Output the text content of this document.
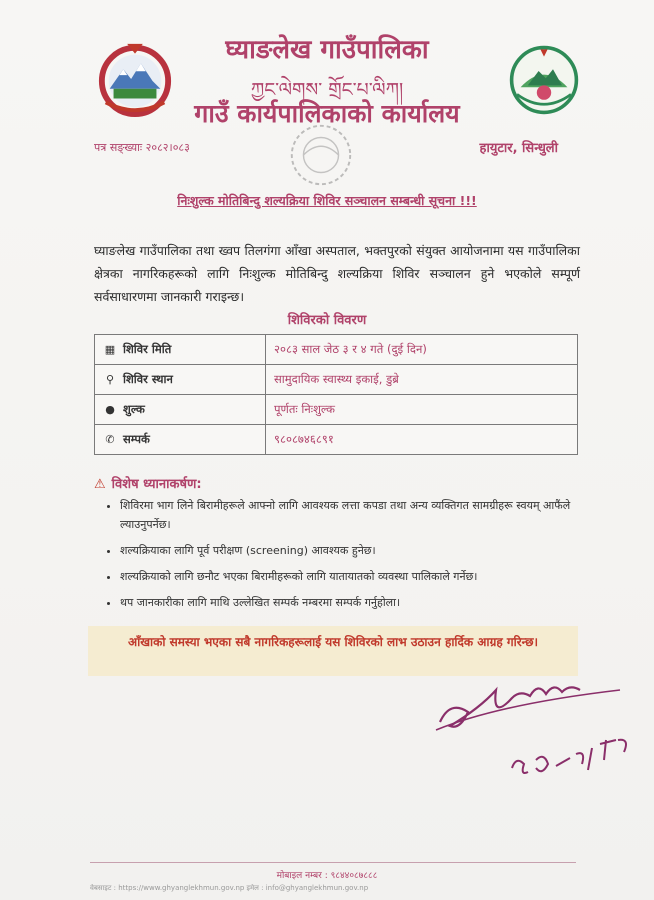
घ्याङलेख गाउँपालिका
ཀྱང་ལེགས་ གྲོང་པ་ལིཀ།
गाउँ कार्यपालिकाको कार्यालय
पत्र सङ्ख्याः २०८२।०८३	हायुटार, सिन्धुली
निःशुल्क मोतिबिन्दु शल्यक्रिया शिविर सञ्चालन सम्बन्धी सूचना !!!

घ्याङलेख गाउँपालिका तथा ख्वप तिलगंगा आँखा अस्पताल, भक्तपुरको संयुक्त आयोजनामा यस गाउँपालिका क्षेत्रका नागरिकहरूको लागि निःशुल्क मोतिबिन्दु शल्यक्रिया शिविर सञ्चालन हुने भएकोले सम्पूर्ण सर्वसाधारणमा जानकारी गराइन्छ।

शिविरको विवरण
▦ शिविर मिति	२०८३ साल जेठ ३ र ४ गते (दुई दिन)
⚲ शिविर स्थान	सामुदायिक स्वास्थ्य इकाई, डुब्रे
● शुल्क	पूर्णतः निःशुल्क
✆ सम्पर्क	९८०८७४६८९१
⚠ विशेष ध्यानाकर्षण:
• शिविरमा भाग लिने बिरामीहरूले आफ्नो लागि आवश्यक लत्ता कपडा तथा अन्य व्यक्तिगत सामग्रीहरू स्वयम् आफैंले ल्याउनुपर्नेछ।
• शल्यक्रियाका लागि पूर्व परीक्षण (screening) आवश्यक हुनेछ।
• शल्यक्रियाको लागि छनौट भएका बिरामीहरूको लागि यातायातको व्यवस्था पालिकाले गर्नेछ।
• थप जानकारीका लागि माथि उल्लेखित सम्पर्क नम्बरमा सम्पर्क गर्नुहोला।
आँखाको समस्या भएका सबै नागरिकहरूलाई यस शिविरको लाभ उठाउन हार्दिक आग्रह गरिन्छ।
मोबाइल नम्बर : ९८४४०८७८८८
वेबसाइट : https://www.ghyanglekhmun.gov.np इमेल : info@ghyanglekhmun.gov.np
